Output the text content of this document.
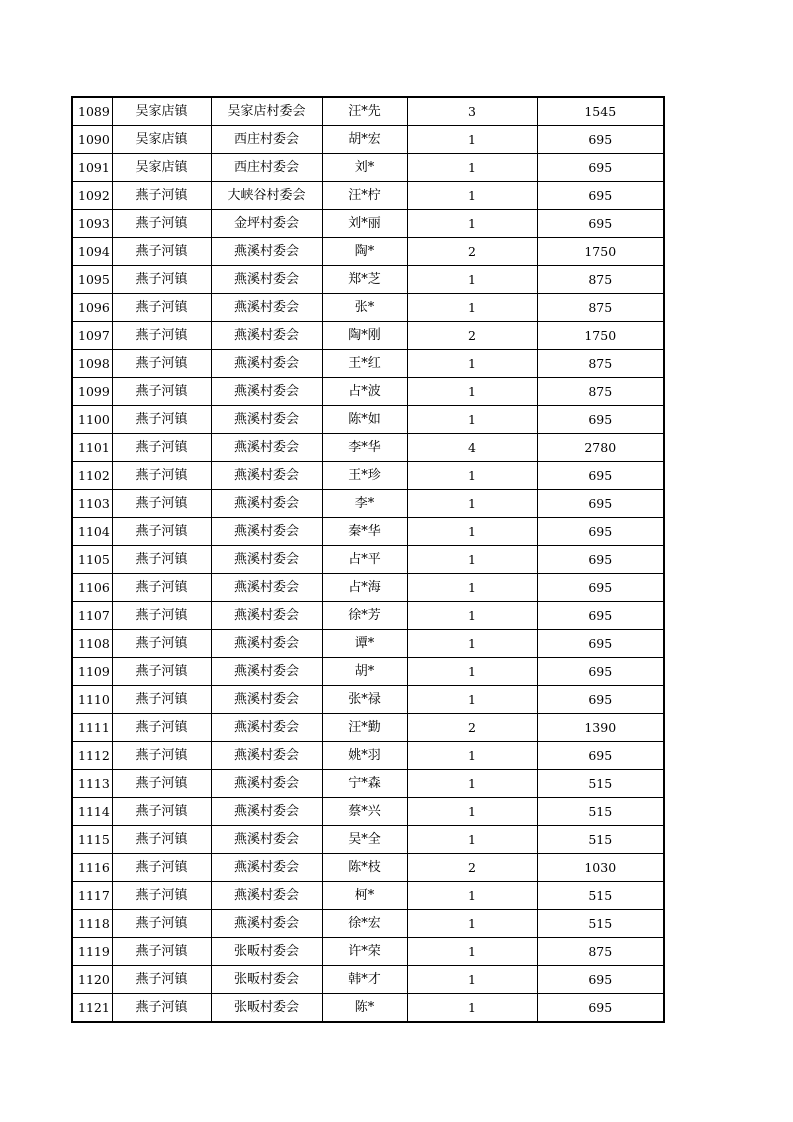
1089	吴家店镇	吴家店村委会	汪*先	3	1545
1090	吴家店镇	西庄村委会	胡*宏	1	695
1091	吴家店镇	西庄村委会	刘*	1	695
1092	燕子河镇	大峡谷村委会	汪*柠	1	695
1093	燕子河镇	金坪村委会	刘*丽	1	695
1094	燕子河镇	燕溪村委会	陶*	2	1750
1095	燕子河镇	燕溪村委会	郑*芝	1	875
1096	燕子河镇	燕溪村委会	张*	1	875
1097	燕子河镇	燕溪村委会	陶*刚	2	1750
1098	燕子河镇	燕溪村委会	王*红	1	875
1099	燕子河镇	燕溪村委会	占*波	1	875
1100	燕子河镇	燕溪村委会	陈*如	1	695
1101	燕子河镇	燕溪村委会	李*华	4	2780
1102	燕子河镇	燕溪村委会	王*珍	1	695
1103	燕子河镇	燕溪村委会	李*	1	695
1104	燕子河镇	燕溪村委会	秦*华	1	695
1105	燕子河镇	燕溪村委会	占*平	1	695
1106	燕子河镇	燕溪村委会	占*海	1	695
1107	燕子河镇	燕溪村委会	徐*芳	1	695
1108	燕子河镇	燕溪村委会	谭*	1	695
1109	燕子河镇	燕溪村委会	胡*	1	695
1110	燕子河镇	燕溪村委会	张*禄	1	695
1111	燕子河镇	燕溪村委会	汪*勤	2	1390
1112	燕子河镇	燕溪村委会	姚*羽	1	695
1113	燕子河镇	燕溪村委会	宁*森	1	515
1114	燕子河镇	燕溪村委会	蔡*兴	1	515
1115	燕子河镇	燕溪村委会	吴*全	1	515
1116	燕子河镇	燕溪村委会	陈*枝	2	1030
1117	燕子河镇	燕溪村委会	柯*	1	515
1118	燕子河镇	燕溪村委会	徐*宏	1	515
1119	燕子河镇	张畈村委会	许*荣	1	875
1120	燕子河镇	张畈村委会	韩*才	1	695
1121	燕子河镇	张畈村委会	陈*	1	695
